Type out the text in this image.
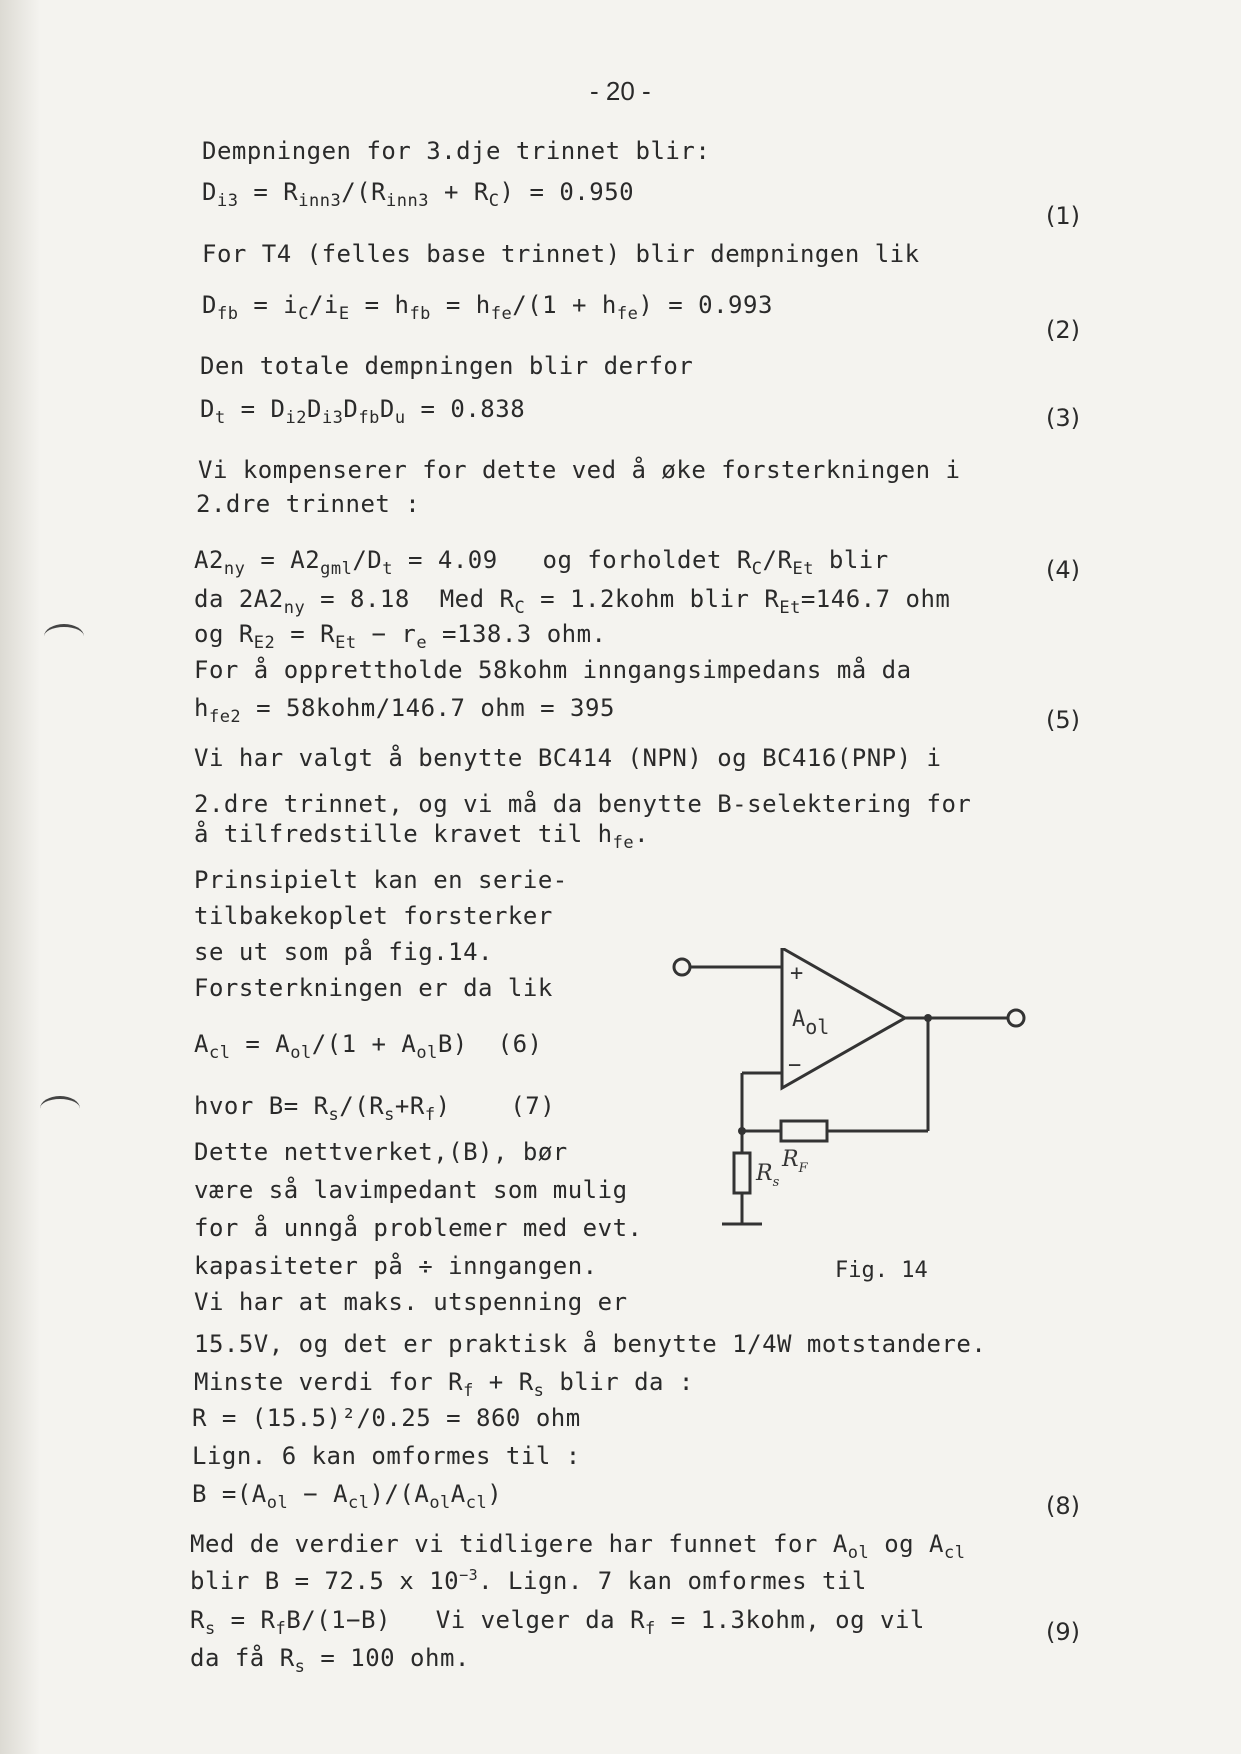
- 20 -
Dempningen for 3.dje trinnet blir:
$D_{i3} = R_{inn3}/(R_{inn3} + R_C) = 0.950$
(1)
For T4 (felles base trinnet) blir dempningen lik
$D_{fb} = i_C/i_E = h_{fb} = h_{fe}/(1 + h_{fe}) = 0.993$
(2)
Den totale dempningen blir derfor
$D_t = D_{i2}D_{i3}D_{fb}D_u = 0.838$	(3)
Vi kompenserer for dette ved å øke forsterkningen i
2.dre trinnet :
$A2_{ny} = A2_{gml}/D_t = 4.09$   og forholdet $R_C/R_{Et}$ blir	(4)
da $2A2_{ny} = 8.18$  Med $R_C$ = 1.2kohm blir $R_{Et}=146.7$ ohm
og $R_{E2} = R_{Et} - r_e =138.3$ ohm.
For å opprettholde 58kohm inngangsimpedans må da
$h_{fe2}$ = 58kohm/146.7 ohm = 395	(5)
Vi har valgt å benytte BC414 (NPN) og BC416(PNP) i
2.dre trinnet, og vi må da benytte B-selektering for
å tilfredstille kravet til $h_{fe}$.
Prinsipielt kan en serie-
tilbakekoplet forsterker
se ut som på fig.14.
Forsterkningen er da lik
$A_{cl} = A_{ol}/(1 + A_{ol}B)$  (6)
hvor $B= R_s/(R_s+R_f)$    (7)
Dette nettverket,(B), bør
være så lavimpedant som mulig
for å unngå problemer med evt.
kapasiteter på ÷ inngangen.
Vi har at maks. utspenning er
15.5V, og det er praktisk å benytte 1/4W motstandere.
Minste verdi for $R_f + R_s$ blir da :
R = (15.5)²/0.25 = 860 ohm
Lign. 6 kan omformes til :
$B =(A_{ol} - A_{cl})/(A_{ol}A_{cl})$	(8)
Med de verdier vi tidligere har funnet for $A_{ol}$ og $A_{cl}$
blir B = 72.5 x $10^{-3}$. Lign. 7 kan omformes til
$R_s = R_fB/(1-B)$   Vi velger da $R_f$ = 1.3kohm, og vil	(9)
da få $R_s = 100$ ohm.
+
−
Aol
$R_F$
$R_s$
Fig. 14
